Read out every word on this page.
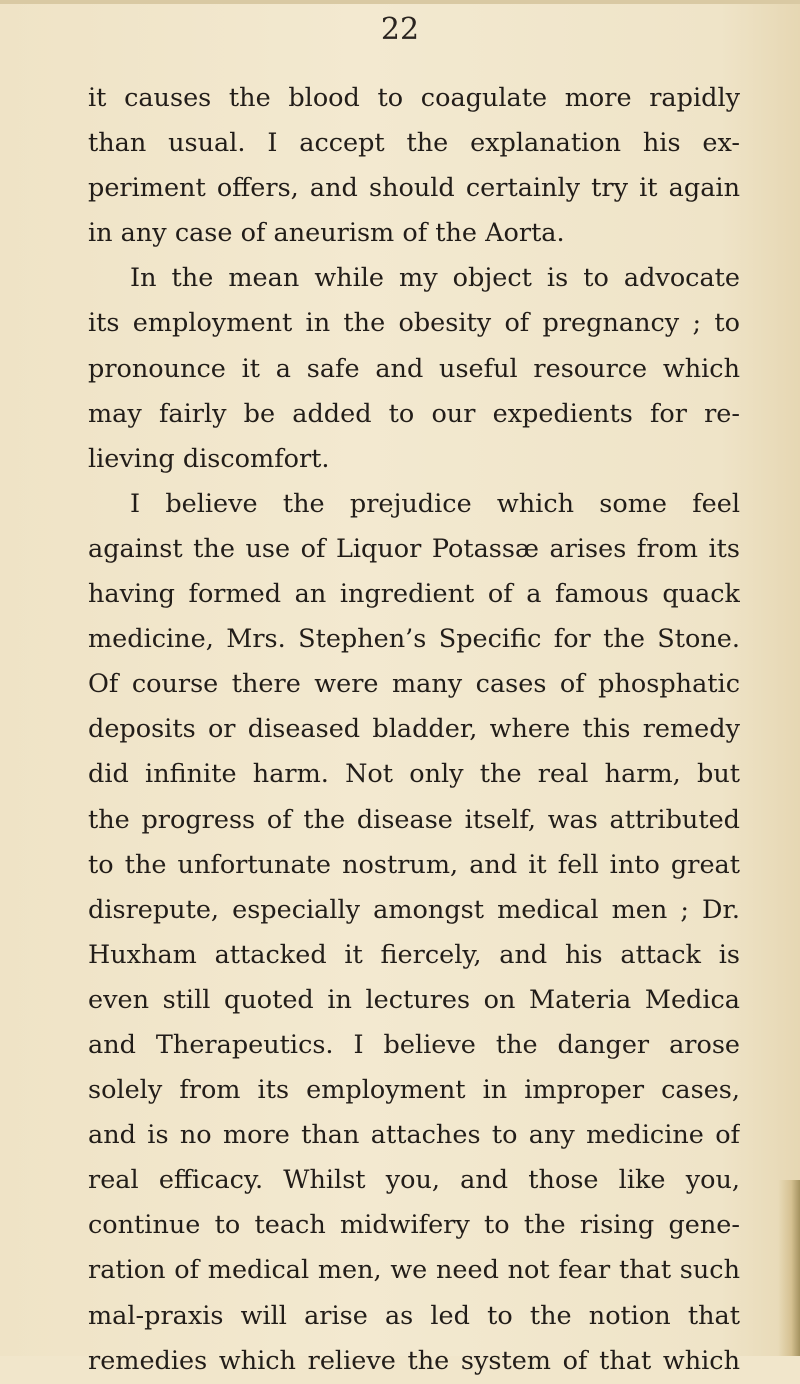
22
it causes the blood to coagulate more rapidly
than usual. I accept the explanation his ex-
periment offers, and should certainly try it again
in any case of aneurism of the Aorta.
In the mean while my object is to advocate
its employment in the obesity of pregnancy ; to
pronounce it a safe and useful resource which
may fairly be added to our expedients for re-
lieving discomfort.
I believe the prejudice which some feel
against the use of Liquor Potassæ arises from its
having formed an ingredient of a famous quack
medicine, Mrs. Stephen’s Specific for the Stone.
Of course there were many cases of phosphatic
deposits or diseased bladder, where this remedy
did infinite harm. Not only the real harm, but
the progress of the disease itself, was attributed
to the unfortunate nostrum, and it fell into great
disrepute, especially amongst medical men ; Dr.
Huxham attacked it fiercely, and his attack is
even still quoted in lectures on Materia Medica
and Therapeutics. I believe the danger arose
solely from its employment in improper cases,
and is no more than attaches to any medicine of
real efficacy. Whilst you, and those like you,
continue to teach midwifery to the rising gene-
ration of medical men, we need not fear that such
mal-praxis will arise as led to the notion that
remedies which relieve the system of that which
